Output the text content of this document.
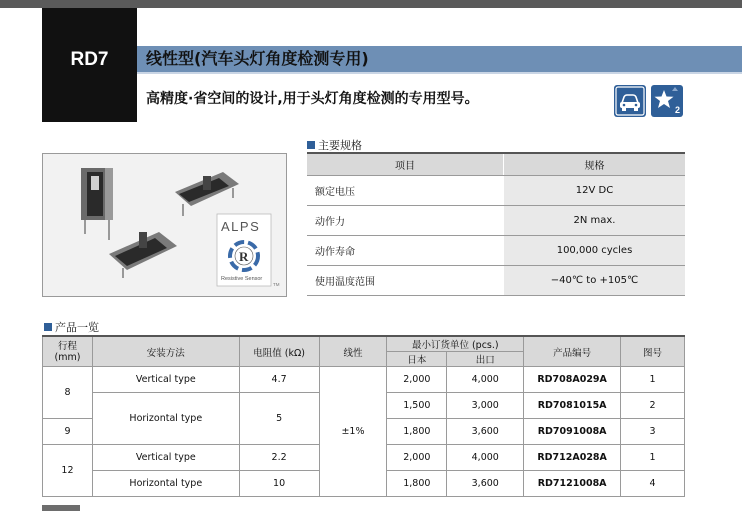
RD7	线性型(汽车头灯角度检测专用)
高精度·省空间的设计,用于头灯角度检测的专用型号。
2
ALPS
R
Resistive Sensor
TM
主要规格
项目	规格
额定电压	12V DC
动作力	2N max.
动作寿命	100,000 cycles
使用温度范围	−40℃ to +105℃
产品一览
行程
(mm)	安装方法	电阻值 (kΩ)	线性	最小订货单位 (pcs.)		产品编号	图号
				日本	出口		
8	Vertical type	4.7	±1%	2,000	4,000	RD708A029A	1
	Horizontal type	5		1,500	3,000	RD7081015A	2
9				1,800	3,600	RD7091008A	3
12	Vertical type	2.2		2,000	4,000	RD712A028A	1
	Horizontal type	10		1,800	3,600	RD7121008A	4
